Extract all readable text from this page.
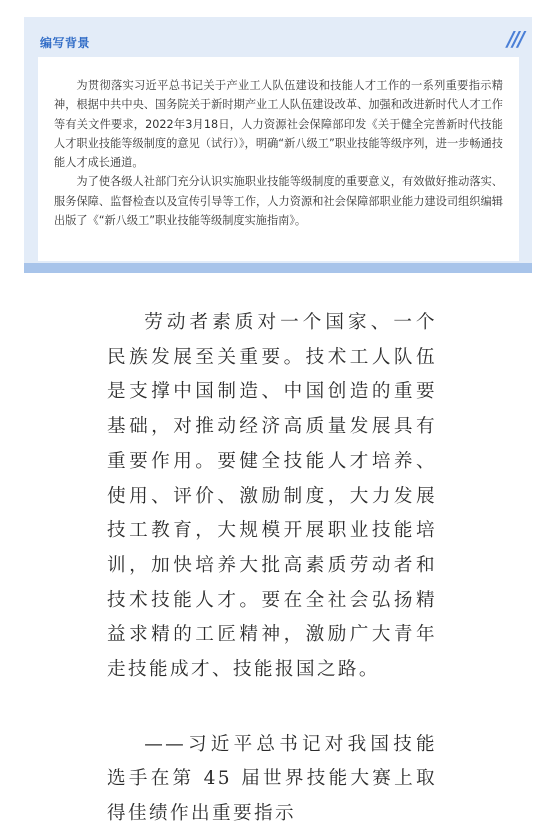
编写背景	///

为贯彻落实习近平总书记关于产业工人队伍建设和技能人才工作的一系列重要指示精神，根据中共中央、国务院关于新时期产业工人队伍建设改革、加强和改进新时代人才工作等有关文件要求，2022年3月18日，人力资源社会保障部印发《关于健全完善新时代技能人才职业技能等级制度的意见（试行）》，明确“新八级工”职业技能等级序列，进一步畅通技能人才成长通道。

为了使各级人社部门充分认识实施职业技能等级制度的重要意义，有效做好推动落实、服务保障、监督检查以及宣传引导等工作，人力资源和社会保障部职业能力建设司组织编辑出版了《“新八级工”职业技能等级制度实施指南》。

劳动者素质对一个国家、一个民族发展至关重要。技术工人队伍是支撑中国制造、中国创造的重要基础，对推动经济高质量发展具有重要作用。要健全技能人才培养、使用、评价、激励制度，大力发展技工教育，大规模开展职业技能培训，加快培养大批高素质劳动者和技术技能人才。要在全社会弘扬精益求精的工匠精神，激励广大青年走技能成才、技能报国之路。

——习近平总书记对我国技能选手在第 45 届世界技能大赛上取得佳绩作出重要指示
